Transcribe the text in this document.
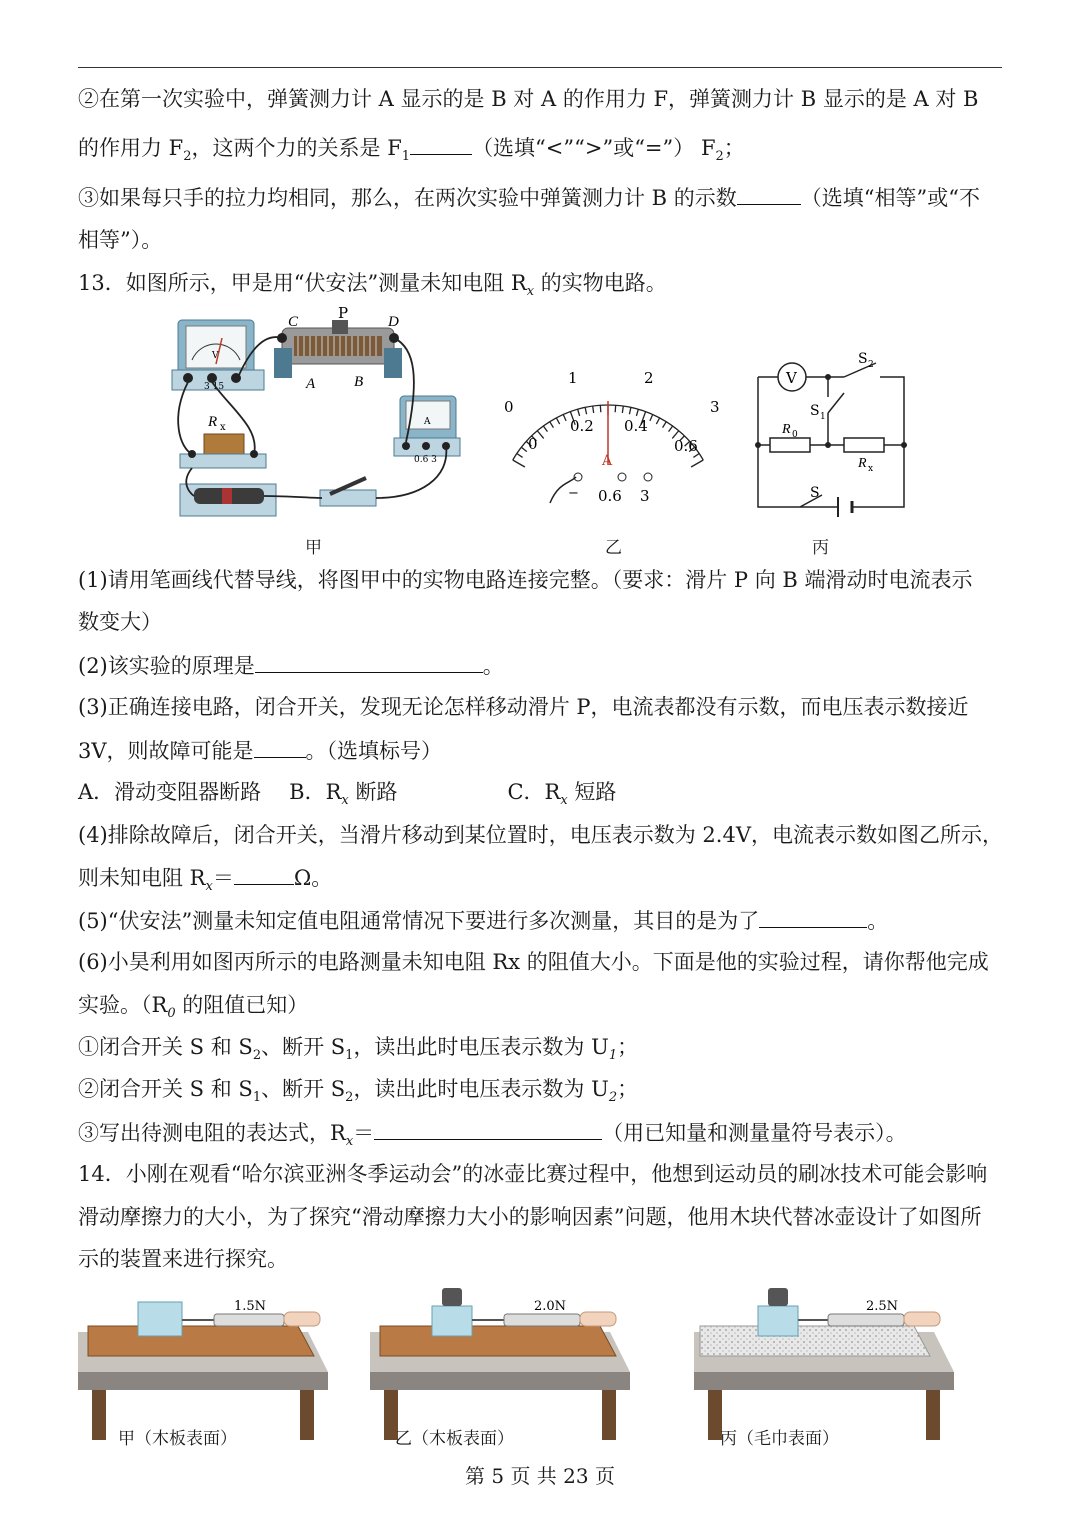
②在第一次实验中，弹簧测力计 A 显示的是 B 对 A 的作用力 F，弹簧测力计 B 显示的是 A 对 B
的作用力 $F_2$，这两个力的关系是 $F_1$	（选填“<”“>”或“=”） $F_2$；
③如果每只手的拉力均相同，那么，在两次实验中弹簧测力计 B 的示数	（选填“相等”或“不
相等”）。
13．如图所示，甲是用“伏安法”测量未知电阻 $R_x$ 的实物电路。
V
3 15
C	P	D
A	B
R x	A
0.6 3
甲
0
1	2
3
0
0.2 0.4
0.6
A
− 0.6 3
乙
V
S 2
S 1
R 0
R x
S
丙
(1)请用笔画线代替导线，将图甲中的实物电路连接完整。（要求：滑片 P 向 B 端滑动时电流表示
数变大）
(2)该实验的原理是	。
(3)正确连接电路，闭合开关，发现无论怎样移动滑片 P，电流表都没有示数，而电压表示数接近
3V，则故障可能是 。（选填标号）
A．滑动变阻器断路 B．$R_x$ 断路	C．$R_x$ 短路
(4)排除故障后，闭合开关，当滑片移动到某位置时，电压表示数为 2.4V，电流表示数如图乙所示，
则未知电阻 $R_x=$	Ω。
(5)“伏安法”测量未知定值电阻通常情况下要进行多次测量，其目的是为了	。
(6)小昊利用如图丙所示的电路测量未知电阻 Rx 的阻值大小。下面是他的实验过程，请你帮他完成
实验。（$R_0$ 的阻值已知）
①闭合开关 S 和 $S_2$、断开 $S_1$，读出此时电压表示数为 $U_1$；
②闭合开关 S 和 $S_1$、断开 $S_2$，读出此时电压表示数为 $U_2$；
③写出待测电阻的表达式，$R_x=$	（用已知量和测量量符号表示）。
14．小刚在观看“哈尔滨亚洲冬季运动会”的冰壶比赛过程中，他想到运动员的刷冰技术可能会影响
滑动摩擦力的大小，为了探究“滑动摩擦力大小的影响因素”问题，他用木块代替冰壶设计了如图所
示的装置来进行探究。
1.5N	2.0N	2.5N
甲（木板表面）	乙（木板表面）	丙（毛巾表面）
第 5 页 共 23 页
